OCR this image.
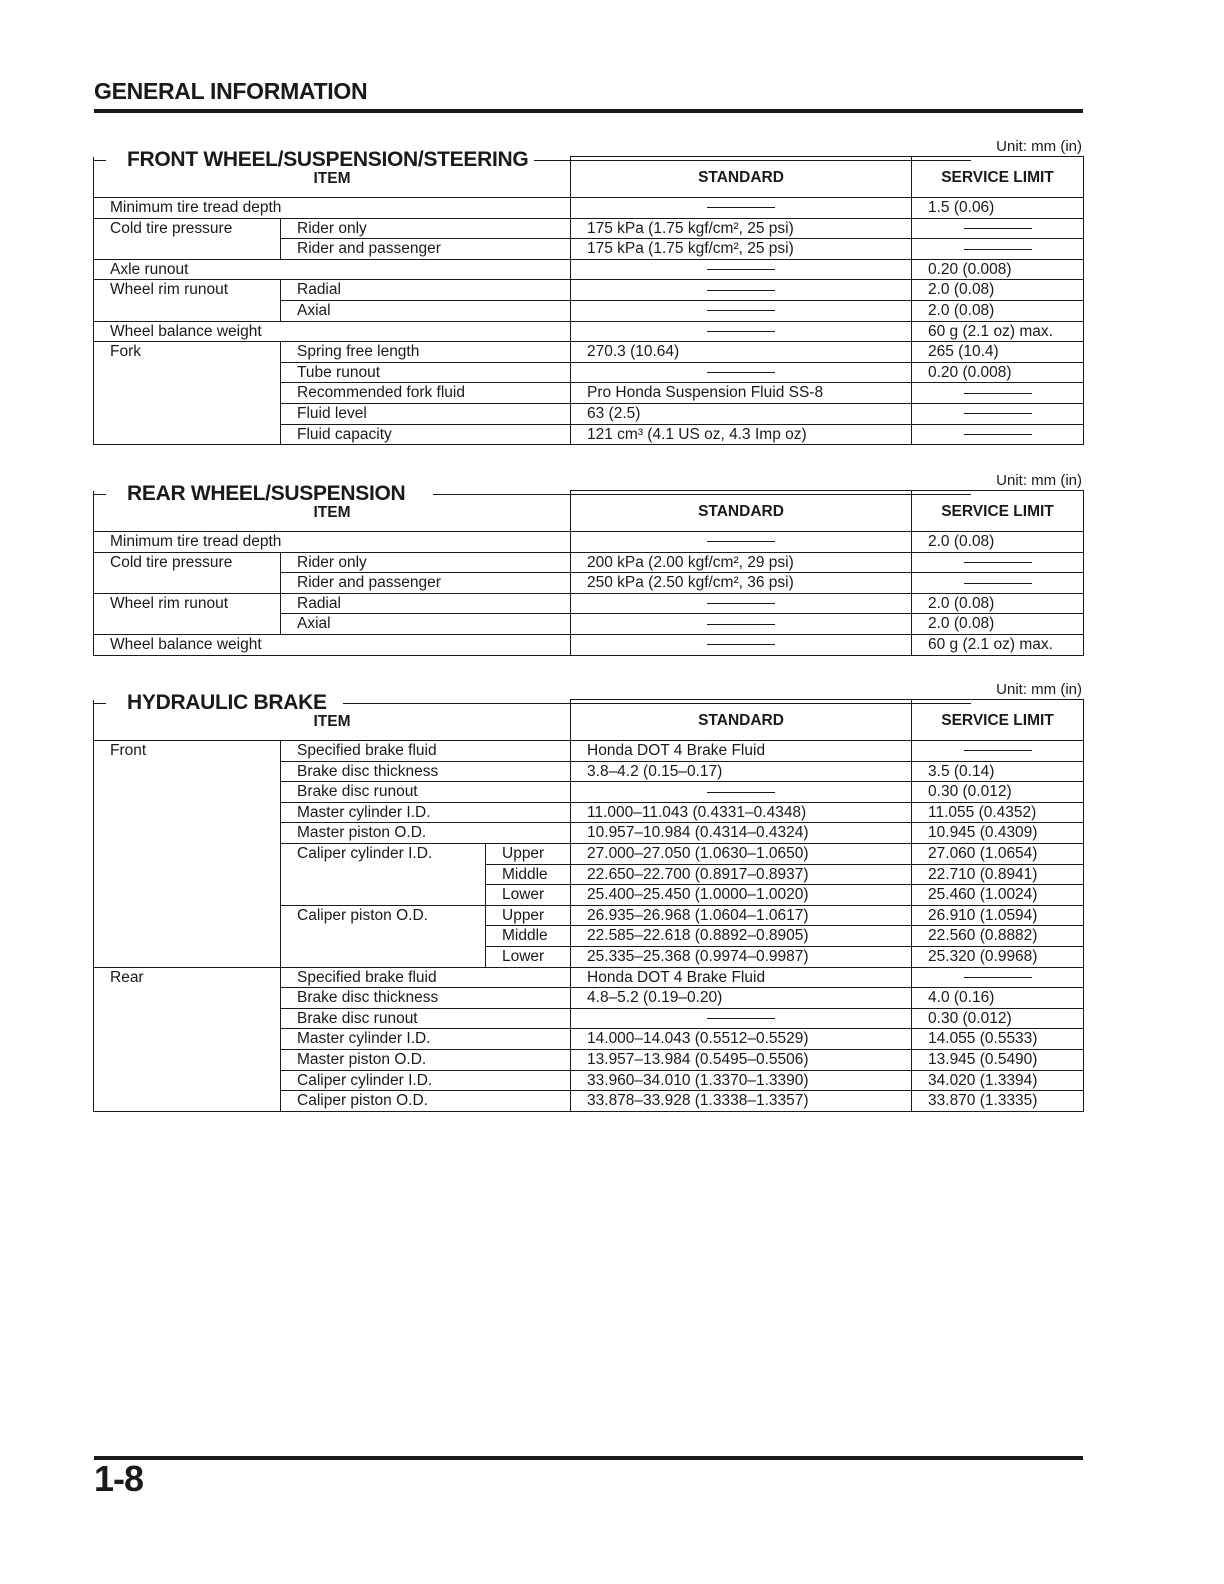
GENERAL INFORMATION
FRONT WHEEL/SUSPENSION/STEERING
Unit: mm (in)
ITEM		STANDARD	SERVICE LIMIT
Minimum tire tread depth			1.5 (0.06)
Cold tire pressure	Rider only	175 kPa (1.75 kgf/cm², 25 psi)	
	Rider and passenger	175 kPa (1.75 kgf/cm², 25 psi)	
Axle runout			0.20 (0.008)
Wheel rim runout	Radial		2.0 (0.08)
	Axial		2.0 (0.08)
Wheel balance weight			60 g (2.1 oz) max.
Fork	Spring free length	270.3 (10.64)	265 (10.4)
	Tube runout		0.20 (0.008)
	Recommended fork fluid	Pro Honda Suspension Fluid SS-8	
	Fluid level	63 (2.5)	
	Fluid capacity	121 cm³ (4.1 US oz, 4.3 Imp oz)	
REAR WHEEL/SUSPENSION
Unit: mm (in)
ITEM		STANDARD	SERVICE LIMIT
Minimum tire tread depth			2.0 (0.08)
Cold tire pressure	Rider only	200 kPa (2.00 kgf/cm², 29 psi)	
	Rider and passenger	250 kPa (2.50 kgf/cm², 36 psi)	
Wheel rim runout	Radial		2.0 (0.08)
	Axial		2.0 (0.08)
Wheel balance weight			60 g (2.1 oz) max.
HYDRAULIC BRAKE
Unit: mm (in)
ITEM			STANDARD	SERVICE LIMIT
Front	Specified brake fluid		Honda DOT 4 Brake Fluid	
	Brake disc thickness		3.8–4.2 (0.15–0.17)	3.5 (0.14)
	Brake disc runout			0.30 (0.012)
	Master cylinder I.D.		11.000–11.043 (0.4331–0.4348)	11.055 (0.4352)
	Master piston O.D.		10.957–10.984 (0.4314–0.4324)	10.945 (0.4309)
	Caliper cylinder I.D.	Upper	27.000–27.050 (1.0630–1.0650)	27.060 (1.0654)
		Middle	22.650–22.700 (0.8917–0.8937)	22.710 (0.8941)
		Lower	25.400–25.450 (1.0000–1.0020)	25.460 (1.0024)
	Caliper piston O.D.	Upper	26.935–26.968 (1.0604–1.0617)	26.910 (1.0594)
		Middle	22.585–22.618 (0.8892–0.8905)	22.560 (0.8882)
		Lower	25.335–25.368 (0.9974–0.9987)	25.320 (0.9968)
Rear	Specified brake fluid		Honda DOT 4 Brake Fluid	
	Brake disc thickness		4.8–5.2 (0.19–0.20)	4.0 (0.16)
	Brake disc runout			0.30 (0.012)
	Master cylinder I.D.		14.000–14.043 (0.5512–0.5529)	14.055 (0.5533)
	Master piston O.D.		13.957–13.984 (0.5495–0.5506)	13.945 (0.5490)
	Caliper cylinder I.D.		33.960–34.010 (1.3370–1.3390)	34.020 (1.3394)
	Caliper piston O.D.		33.878–33.928 (1.3338–1.3357)	33.870 (1.3335)
1-8
